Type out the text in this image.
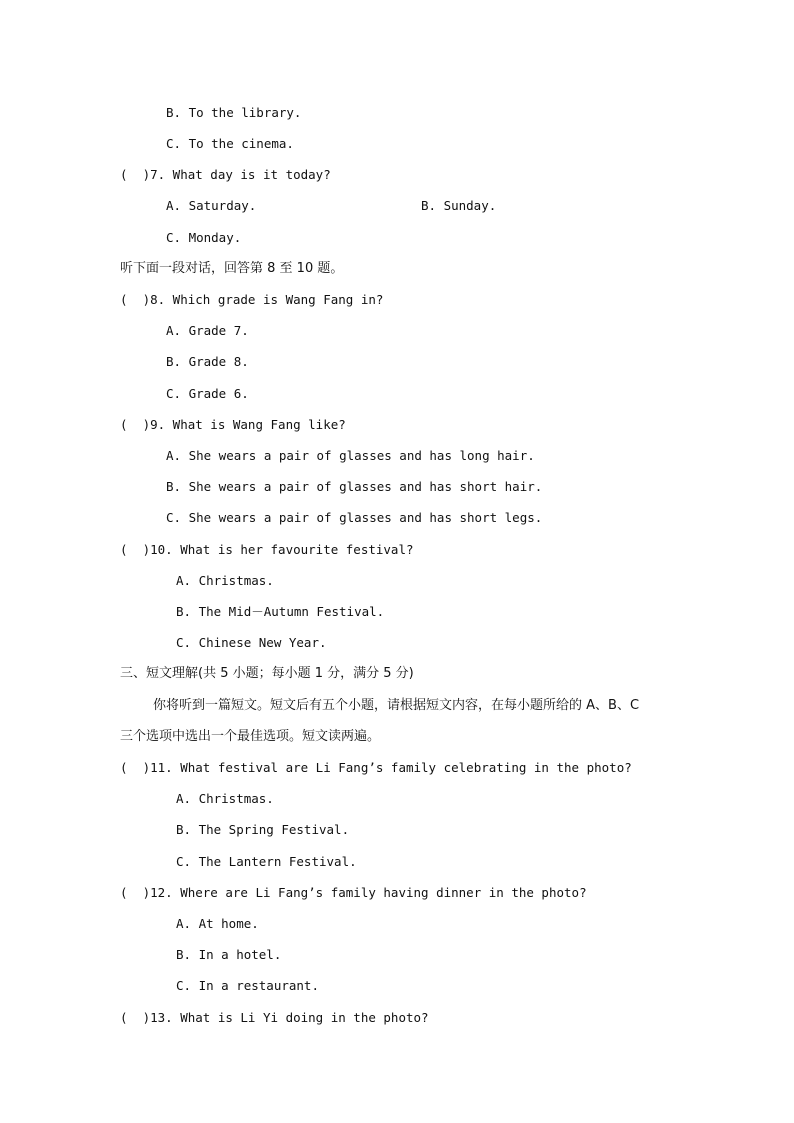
B. To the library.
C. To the cinema.
(  )7. What day is it today?
A. Saturday.	B. Sunday.
C. Monday.
听下面一段对话，回答第 8 至 10 题。
(  )8. Which grade is Wang Fang in?
A. Grade 7.
B. Grade 8.
C. Grade 6.
(  )9. What is Wang Fang like?
A. She wears a pair of glasses and has long hair.
B. She wears a pair of glasses and has short hair.
C. She wears a pair of glasses and has short legs.
(  )10. What is her favourite festival?
A. Christmas.
B. The Mid－Autumn Festival.
C. Chinese New Year.
三、短文理解(共 5 小题；每小题 1 分，满分 5 分)
你将听到一篇短文。短文后有五个小题，请根据短文内容，在每小题所给的 A、B、C
三个选项中选出一个最佳选项。短文读两遍。
(  )11. What festival are Li Fang’s family celebrating in the photo?
A. Christmas.
B. The Spring Festival.
C. The Lantern Festival.
(  )12. Where are Li Fang’s family having dinner in the photo?
A. At home.
B. In a hotel.
C. In a restaurant.
(  )13. What is Li Yi doing in the photo?
